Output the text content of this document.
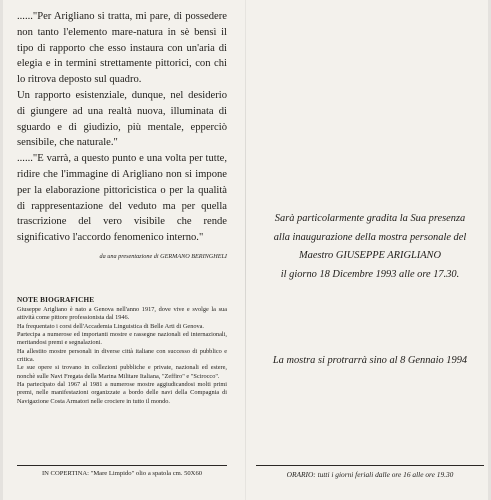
......"Per Arigliano si tratta, mi pare, di possedere non tanto l'elemento mare-natura in sè bensì il tipo di rapporto che esso instaura con un'aria di elegia e in termini strettamente pittorici, con chi lo ritrova deposto sul quadro.

Un rapporto esistenziale, dunque, nel desiderio di giungere ad una realtà nuova, illuminata di sguardo e di giudizio, più mentale, epperciò sensibile, che naturale."

......"E varrà, a questo punto e una volta per tutte, ridire che l'immagine di Arigliano non si impone per la elaborazione pittoricistica o per la qualità di rappresentazione del veduto ma per quella trascrizione del vero visibile che rende significativo l'accordo fenomenico interno."

da una presentazione di GERMANO BERINGHELI
NOTE BIOGRAFICHE

Giuseppe Arigliano è nato a Genova nell'anno 1917, dove vive e svolge la sua attività come pittore professionista dal 1946.

Ha frequentato i corsi dell'Accademia Linguistica di Belle Arti di Genova.

Partecipa a numerose ed importanti mostre e rassegne nazionali ed internazionali, meritandosi premi e segnalazioni.

Ha allestito mostre personali in diverse città italiane con successo di pubblico e critica.

Le sue opere si trovano in collezioni pubbliche e private, nazionali ed estere, nonchè sulle Navi Fregata della Marina Militare Italiana, "Zeffiro" e "Scirocco".

Ha partecipato dal 1967 al 1981 a numerose mostre aggiudicandosi molti primi premi, nelle manifestazioni organizzate a bordo delle navi della Compagnia di Navigazione Costa Armatori nelle crociere in tutto il mondo.

IN COPERTINA: "Mare Limpido" olio a spatola cm. 50X60
Sarà particolarmente gradita la Sua presenza
alla inaugurazione della mostra personale del
Maestro GIUSEPPE ARIGLIANO
il giorno 18 Dicembre 1993 alle ore 17.30.
La mostra si protrarrà sino al 8 Gennaio 1994
ORARIO: tutti i giorni feriali dalle ore 16 alle ore 19.30
